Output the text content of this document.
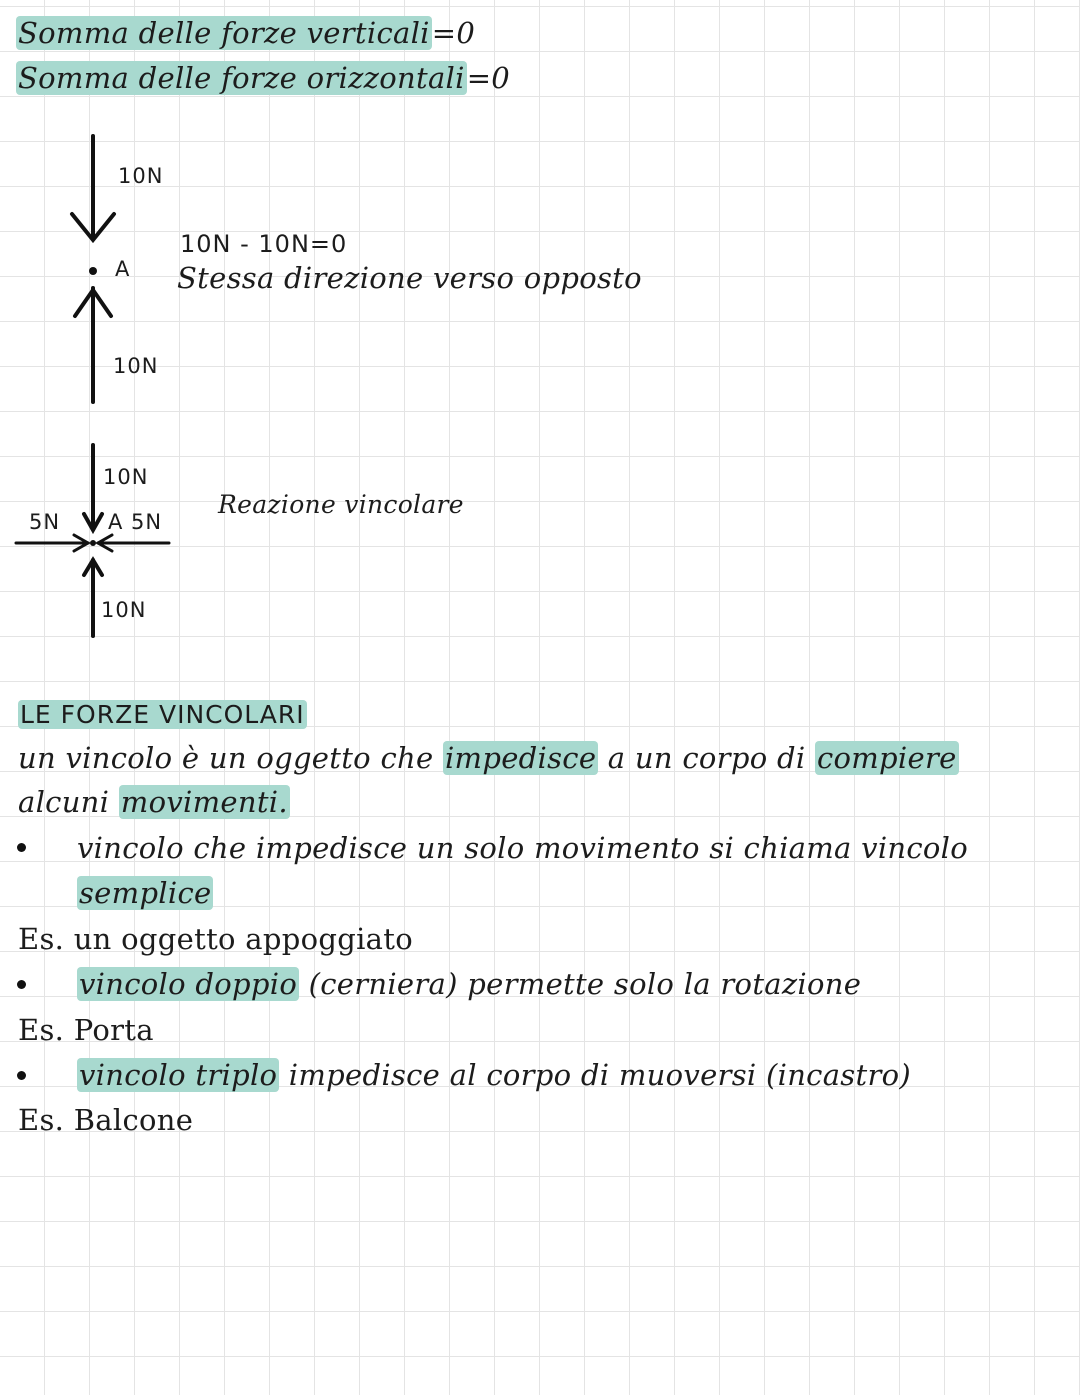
Somma delle forze verticali=0
Somma delle forze orizzontali=0
10N
A
10N
10N - 10N=0
Stessa direzione verso opposto
10N
5N A 5N
10N
Reazione vincolare
LE FORZE VINCOLARI
un vincolo è un oggetto che impedisce a un corpo di compiere
alcuni movimenti.
vincolo che impedisce un solo movimento si chiama vincolo
semplice
Es. un oggetto appoggiato
vincolo doppio (cerniera) permette solo la rotazione
Es. Porta
vincolo triplo impedisce al corpo di muoversi (incastro)
Es. Balcone
